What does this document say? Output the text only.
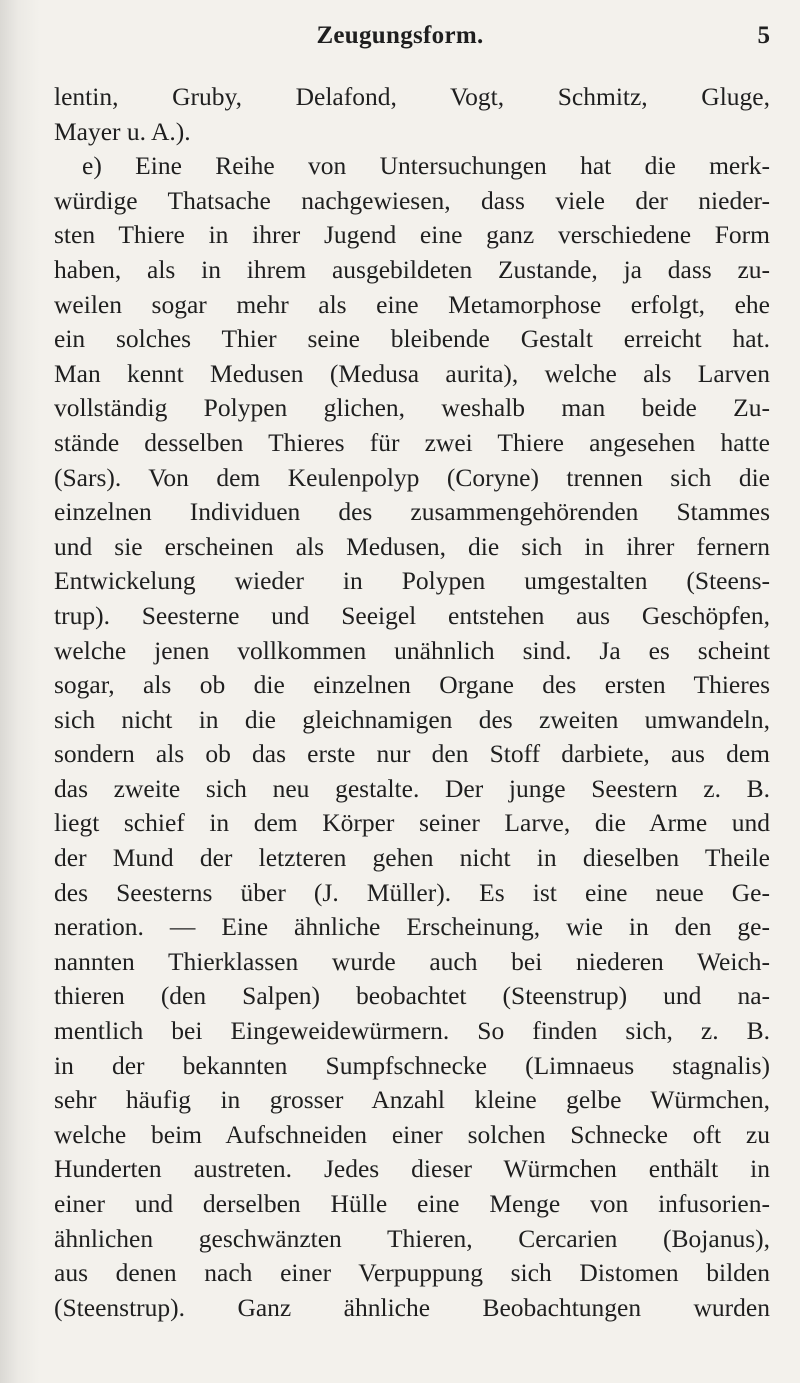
Zeugungsform.	5
lentin, Gruby, Delafond, Vogt, Schmitz, Gluge,
Mayer u. A.).
e) Eine Reihe von Untersuchungen hat die merk-
würdige Thatsache nachgewiesen, dass viele der nieder-
sten Thiere in ihrer Jugend eine ganz verschiedene Form
haben, als in ihrem ausgebildeten Zustande, ja dass zu-
weilen sogar mehr als eine Metamorphose erfolgt, ehe
ein solches Thier seine bleibende Gestalt erreicht hat.
Man kennt Medusen (Medusa aurita), welche als Larven
vollständig Polypen glichen, weshalb man beide Zu-
stände desselben Thieres für zwei Thiere angesehen hatte
(Sars). Von dem Keulenpolyp (Coryne) trennen sich die
einzelnen Individuen des zusammengehörenden Stammes
und sie erscheinen als Medusen, die sich in ihrer fernern
Entwickelung wieder in Polypen umgestalten (Steens-
trup). Seesterne und Seeigel entstehen aus Geschöpfen,
welche jenen vollkommen unähnlich sind. Ja es scheint
sogar, als ob die einzelnen Organe des ersten Thieres
sich nicht in die gleichnamigen des zweiten umwandeln,
sondern als ob das erste nur den Stoff darbiete, aus dem
das zweite sich neu gestalte. Der junge Seestern z. B.
liegt schief in dem Körper seiner Larve, die Arme und
der Mund der letzteren gehen nicht in dieselben Theile
des Seesterns über (J. Müller). Es ist eine neue Ge-
neration. — Eine ähnliche Erscheinung, wie in den ge-
nannten Thierklassen wurde auch bei niederen Weich-
thieren (den Salpen) beobachtet (Steenstrup) und na-
mentlich bei Eingeweidewürmern. So finden sich, z. B.
in der bekannten Sumpfschnecke (Limnaeus stagnalis)
sehr häufig in grosser Anzahl kleine gelbe Würmchen,
welche beim Aufschneiden einer solchen Schnecke oft zu
Hunderten austreten. Jedes dieser Würmchen enthält in
einer und derselben Hülle eine Menge von infusorien-
ähnlichen geschwänzten Thieren, Cercarien (Bojanus),
aus denen nach einer Verpuppung sich Distomen bilden
(Steenstrup). Ganz ähnliche Beobachtungen wurden
